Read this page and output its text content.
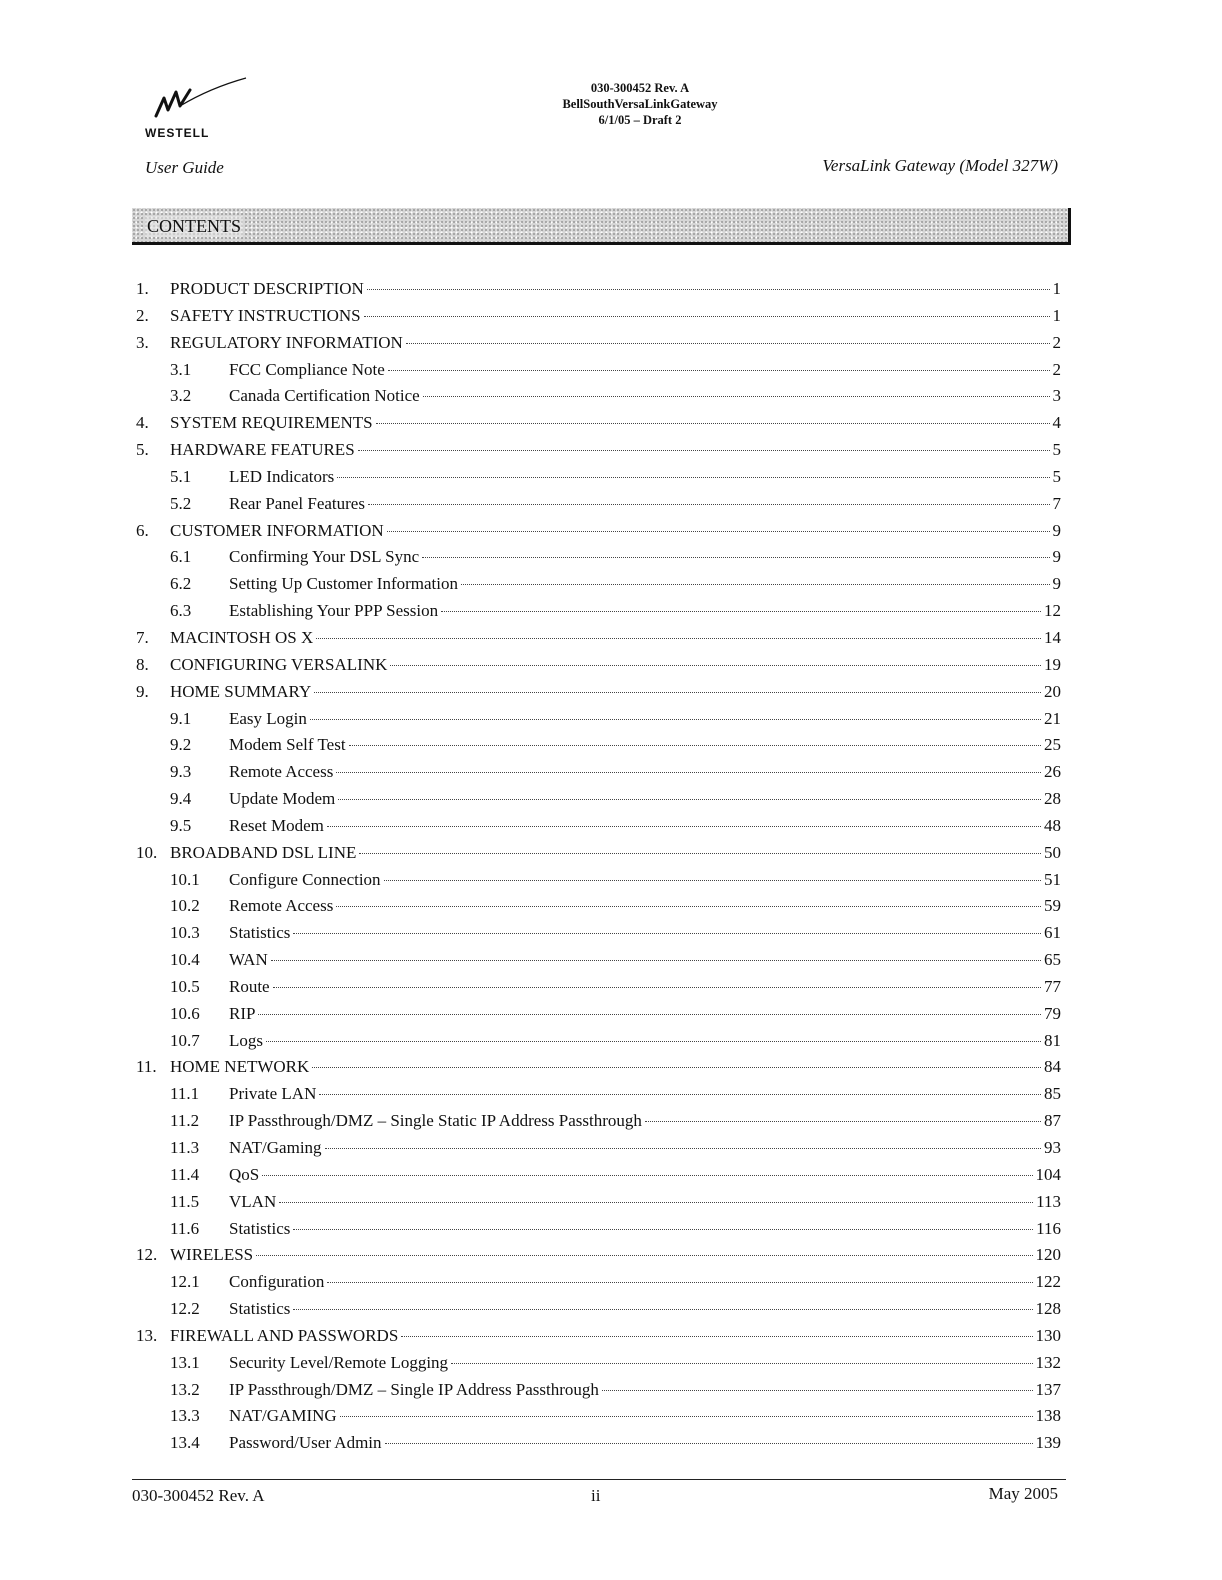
WESTELL
030-300452 Rev. A
BellSouthVersaLinkGateway
6/1/05 – Draft 2
User Guide	VersaLink Gateway (Model 327W)
CONTENTS
1. PRODUCT DESCRIPTION	1
2. SAFETY INSTRUCTIONS	1
3. REGULATORY INFORMATION	2
3.1 FCC Compliance Note	2
3.2 Canada Certification Notice	3
4. SYSTEM REQUIREMENTS	4
5. HARDWARE FEATURES	5
5.1 LED Indicators	5
5.2 Rear Panel Features	7
6. CUSTOMER INFORMATION	9
6.1 Confirming Your DSL Sync	9
6.2 Setting Up Customer Information	9
6.3 Establishing Your PPP Session	12
7. MACINTOSH OS X	14
8. CONFIGURING VERSALINK	19
9. HOME SUMMARY	20
9.1 Easy Login	21
9.2 Modem Self Test	25
9.3 Remote Access	26
9.4 Update Modem	28
9.5 Reset Modem	48
10. BROADBAND DSL LINE	50
10.1 Configure Connection	51
10.2 Remote Access	59
10.3 Statistics	61
10.4 WAN	65
10.5 Route	77
10.6 RIP	79
10.7 Logs	81
11. HOME NETWORK	84
11.1 Private LAN	85
11.2 IP Passthrough/DMZ – Single Static IP Address Passthrough	87
11.3 NAT/Gaming	93
11.4 QoS	104
11.5 VLAN	113
11.6 Statistics	116
12. WIRELESS	120
12.1 Configuration	122
12.2 Statistics	128
13. FIREWALL AND PASSWORDS	130
13.1 Security Level/Remote Logging	132
13.2 IP Passthrough/DMZ – Single IP Address Passthrough	137
13.3 NAT/GAMING	138
13.4 Password/User Admin	139
030-300452 Rev. A	ii	May 2005
